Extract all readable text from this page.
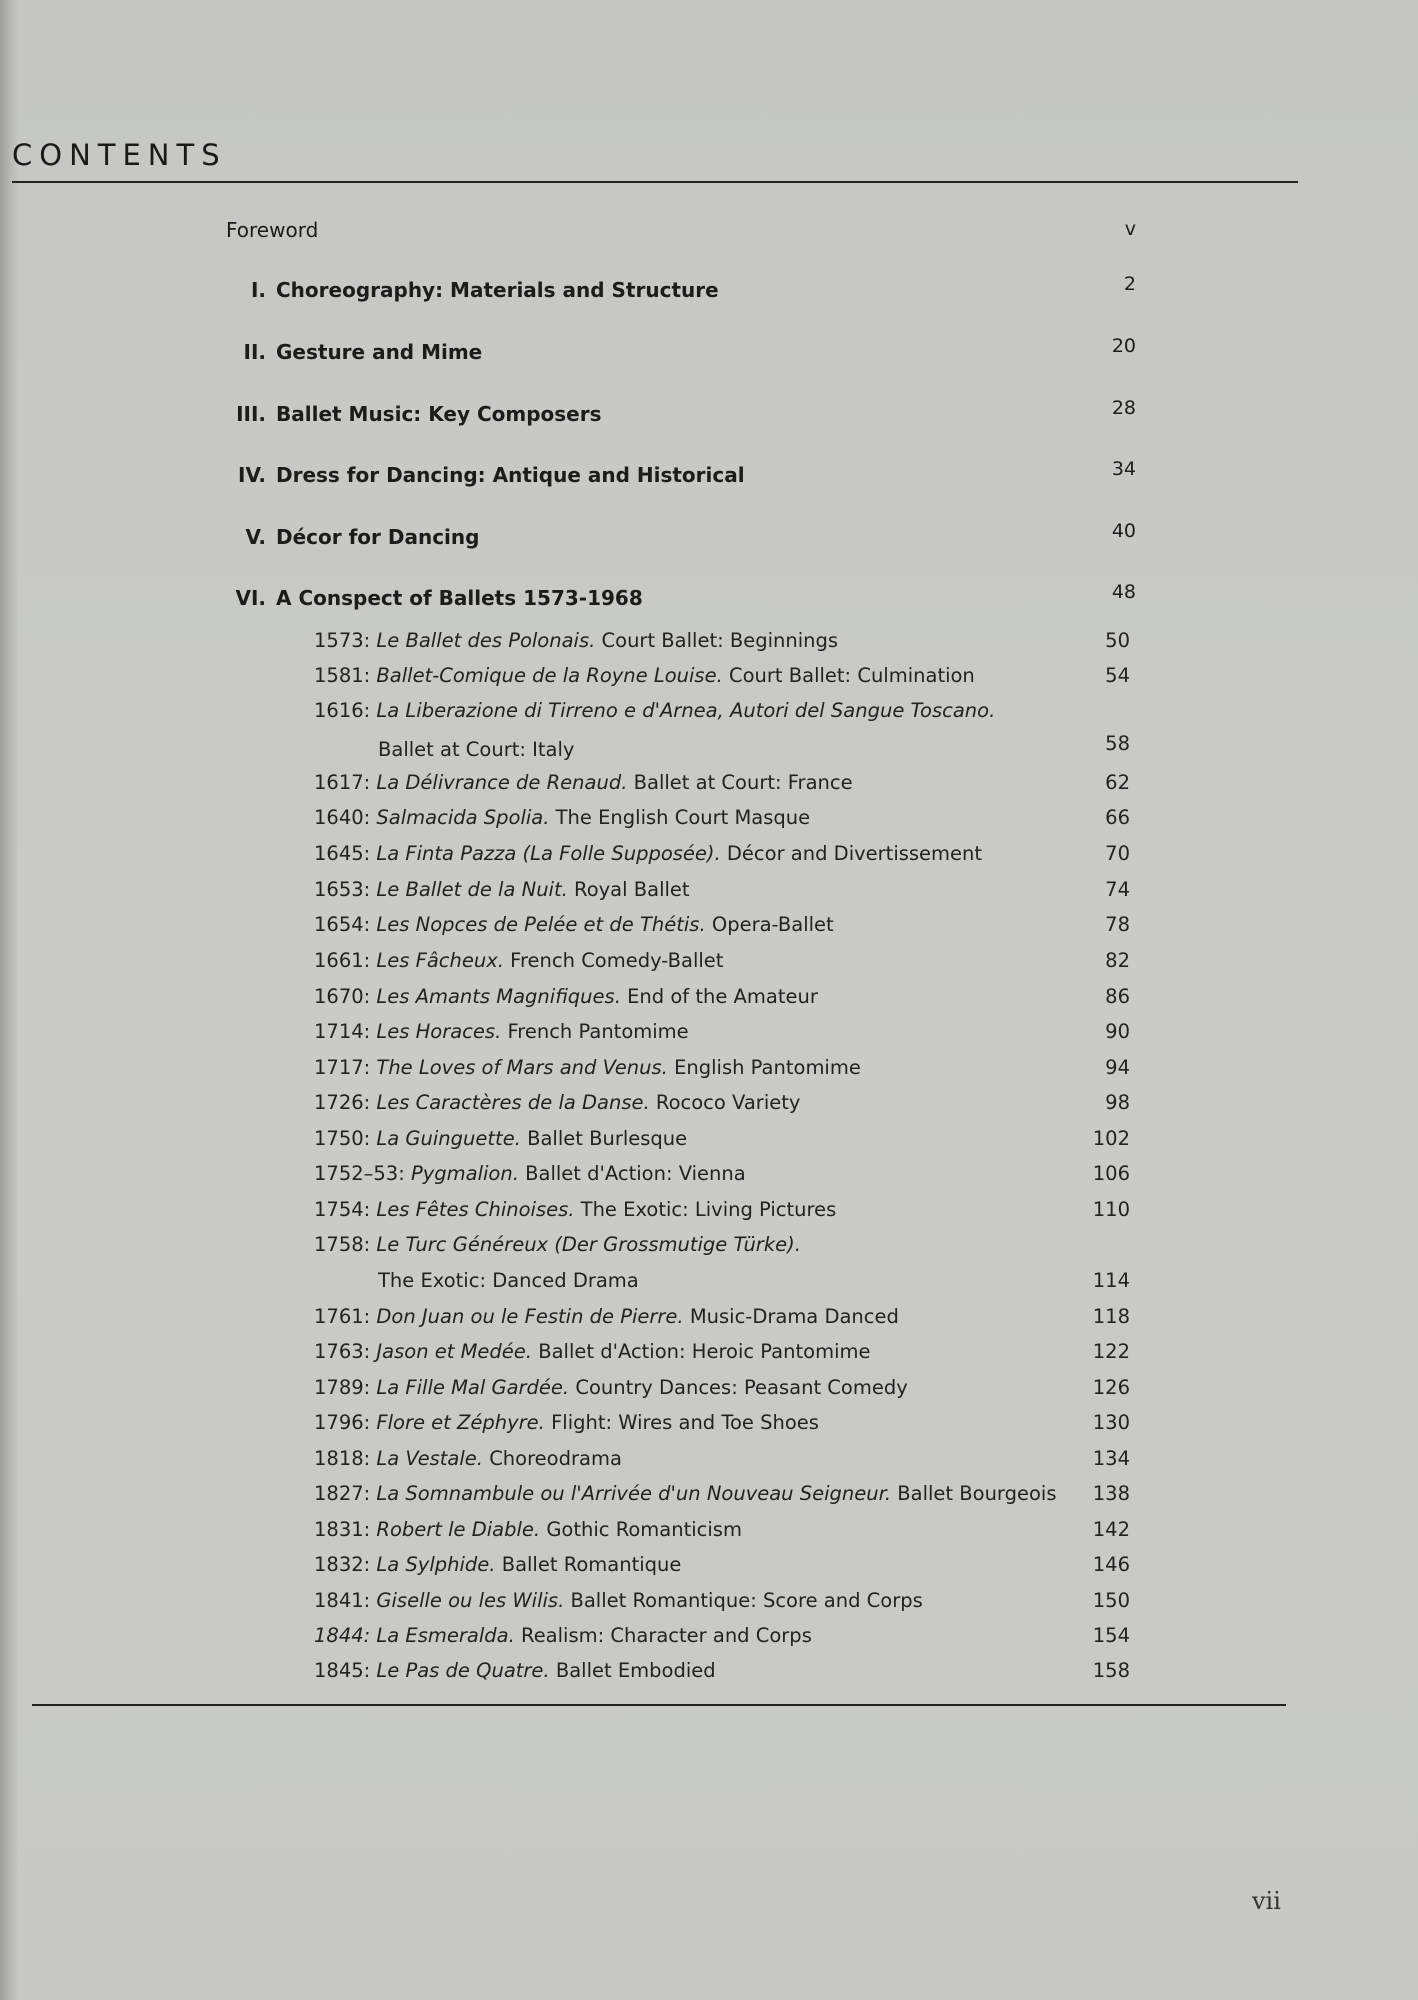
CONTENTS
Foreword	v
I. Choreography: Materials and Structure	2
II. Gesture and Mime	20
III. Ballet Music: Key Composers	28
IV. Dress for Dancing: Antique and Historical	34
V. Décor for Dancing	40
VI. A Conspect of Ballets 1573-1968	48
1573: Le Ballet des Polonais. Court Ballet: Beginnings	50
1581: Ballet-Comique de la Royne Louise. Court Ballet: Culmination	54
1616: La Liberazione di Tirreno e d'Arnea, Autori del Sangue Toscano.
Ballet at Court: Italy	58
1617: La Délivrance de Renaud. Ballet at Court: France	62
1640: Salmacida Spolia. The English Court Masque	66
1645: La Finta Pazza (La Folle Supposée). Décor and Divertissement	70
1653: Le Ballet de la Nuit. Royal Ballet	74
1654: Les Nopces de Pelée et de Thétis. Opera-Ballet	78
1661: Les Fâcheux. French Comedy-Ballet	82
1670: Les Amants Magnifiques. End of the Amateur	86
1714: Les Horaces. French Pantomime	90
1717: The Loves of Mars and Venus. English Pantomime	94
1726: Les Caractères de la Danse. Rococo Variety	98
1750: La Guinguette. Ballet Burlesque	102
1752–53: Pygmalion. Ballet d'Action: Vienna	106
1754: Les Fêtes Chinoises. The Exotic: Living Pictures	110
1758: Le Turc Généreux (Der Grossmutige Türke).
The Exotic: Danced Drama	114
1761: Don Juan ou le Festin de Pierre. Music-Drama Danced	118
1763: Jason et Medée. Ballet d'Action: Heroic Pantomime	122
1789: La Fille Mal Gardée. Country Dances: Peasant Comedy	126
1796: Flore et Zéphyre. Flight: Wires and Toe Shoes	130
1818: La Vestale. Choreodrama	134
1827: La Somnambule ou l'Arrivée d'un Nouveau Seigneur. Ballet Bourgeois 138
1831: Robert le Diable. Gothic Romanticism	142
1832: La Sylphide. Ballet Romantique	146
1841: Giselle ou les Wilis. Ballet Romantique: Score and Corps	150
1844: La Esmeralda. Realism: Character and Corps	154
1845: Le Pas de Quatre. Ballet Embodied	158
vii
